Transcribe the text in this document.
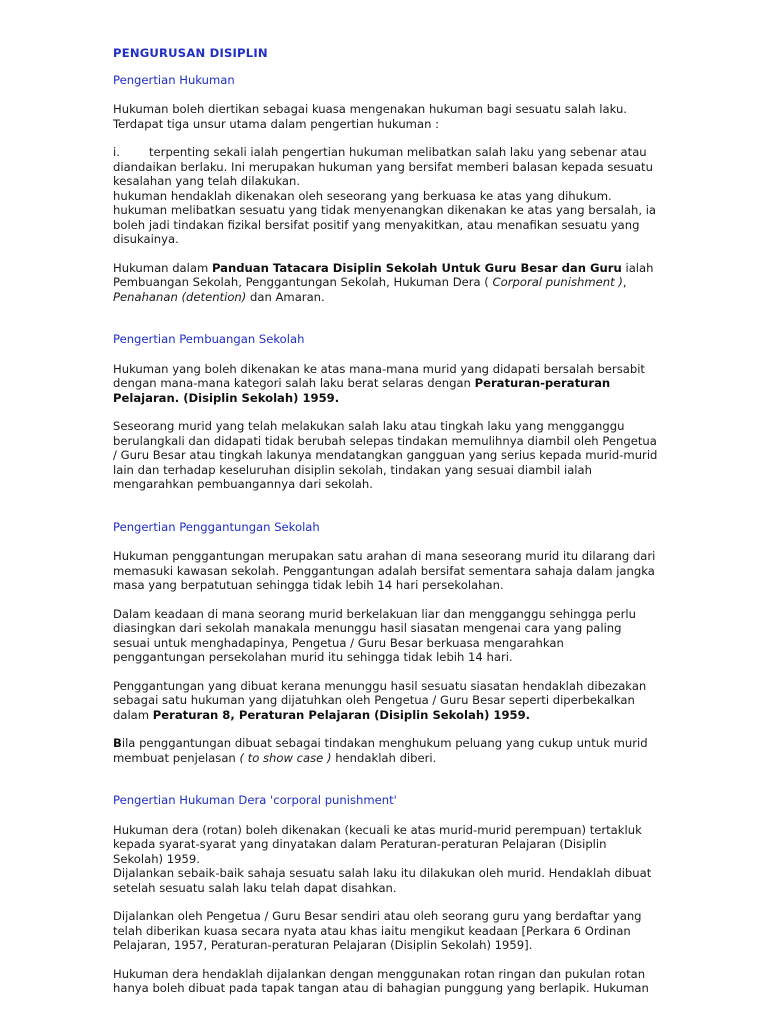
PENGURUSAN DISIPLIN
Pengertian Hukuman

Hukuman boleh diertikan sebagai kuasa mengenakan hukuman bagi sesuatu salah laku. Terdapat tiga unsur utama dalam pengertian hukuman :

i.	terpenting sekali ialah pengertian hukuman melibatkan salah laku yang sebenar atau diandaikan berlaku. Ini merupakan hukuman yang bersifat memberi balasan kepada sesuatu kesalahan yang telah dilakukan.

hukuman hendaklah dikenakan oleh seseorang yang berkuasa ke atas yang dihukum.

hukuman melibatkan sesuatu yang tidak menyenangkan dikenakan ke atas yang bersalah, ia boleh jadi tindakan fizikal bersifat positif yang menyakitkan, atau menafikan sesuatu yang disukainya.

Hukuman dalam Panduan Tatacara Disiplin Sekolah Untuk Guru Besar dan Guru ialah Pembuangan Sekolah, Penggantungan Sekolah, Hukuman Dera ( Corporal punishment ), Penahanan (detention) dan Amaran.

Pengertian Pembuangan Sekolah

Hukuman yang boleh dikenakan ke atas mana-mana murid yang didapati bersalah bersabit dengan mana-mana kategori salah laku berat selaras dengan Peraturan-peraturan Pelajaran. (Disiplin Sekolah) 1959.

Seseorang murid yang telah melakukan salah laku atau tingkah laku yang mengganggu berulangkali dan didapati tidak berubah selepas tindakan memulihnya diambil oleh Pengetua / Guru Besar atau tingkah lakunya mendatangkan gangguan yang serius kepada murid-murid lain dan terhadap keseluruhan disiplin sekolah, tindakan yang sesuai diambil ialah mengarahkan pembuangannya dari sekolah.

Pengertian Penggantungan Sekolah

Hukuman penggantungan merupakan satu arahan di mana seseorang murid itu dilarang dari memasuki kawasan sekolah. Penggantungan adalah bersifat sementara sahaja dalam jangka masa yang berpatutuan sehingga tidak lebih 14 hari persekolahan.

Dalam keadaan di mana seorang murid berkelakuan liar dan mengganggu sehingga perlu diasingkan dari sekolah manakala menunggu hasil siasatan mengenai cara yang paling sesuai untuk menghadapinya, Pengetua / Guru Besar berkuasa mengarahkan penggantungan persekolahan murid itu sehingga tidak lebih 14 hari.

Penggantungan yang dibuat kerana menunggu hasil sesuatu siasatan hendaklah dibezakan sebagai satu hukuman yang dijatuhkan oleh Pengetua / Guru Besar seperti diperbekalkan dalam Peraturan 8, Peraturan Pelajaran (Disiplin Sekolah) 1959.

Bila penggantungan dibuat sebagai tindakan menghukum peluang yang cukup untuk murid membuat penjelasan ( to show case ) hendaklah diberi.

Pengertian Hukuman Dera 'corporal punishment'

Hukuman dera (rotan) boleh dikenakan (kecuali ke atas murid-murid perempuan) tertakluk kepada syarat-syarat yang dinyatakan dalam Peraturan-peraturan Pelajaran (Disiplin Sekolah) 1959.

Dijalankan sebaik-baik sahaja sesuatu salah laku itu dilakukan oleh murid. Hendaklah dibuat setelah sesuatu salah laku telah dapat disahkan.

Dijalankan oleh Pengetua / Guru Besar sendiri atau oleh seorang guru yang berdaftar yang telah diberikan kuasa secara nyata atau khas iaitu mengikut keadaan [Perkara 6 Ordinan Pelajaran, 1957, Peraturan-peraturan Pelajaran (Disiplin Sekolah) 1959].

Hukuman dera hendaklah dijalankan dengan menggunakan rotan ringan dan pukulan rotan hanya boleh dibuat pada tapak tangan atau di bahagian punggung yang berlapik. Hukuman
